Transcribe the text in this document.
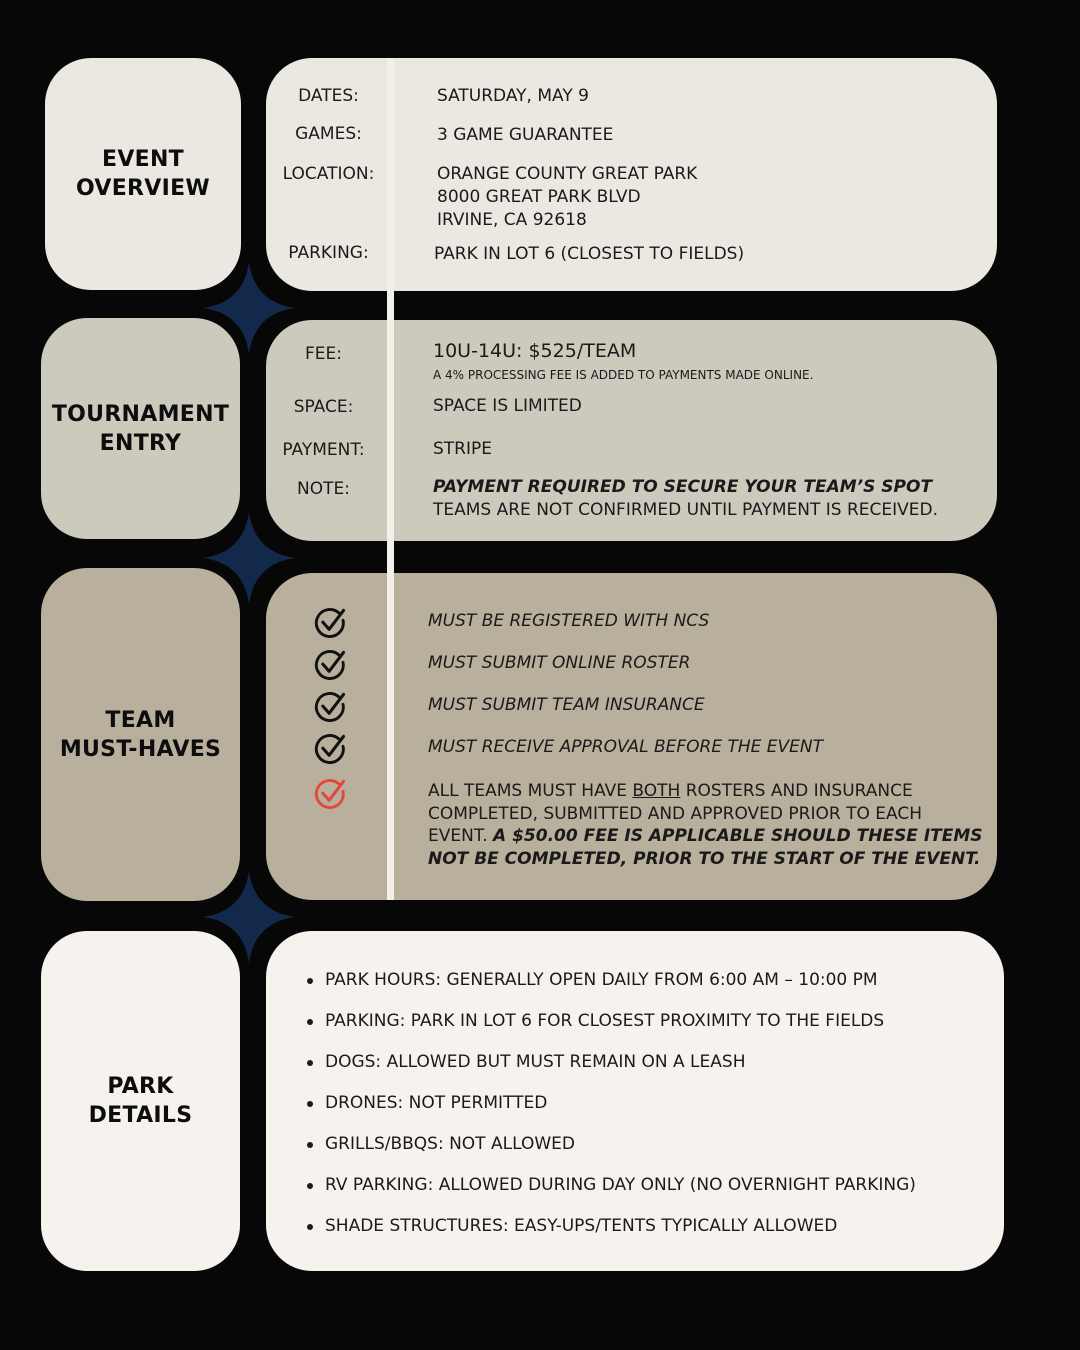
EVENT
OVERVIEW
DATES:	SATURDAY, MAY 9
GAMES:	3 GAME GUARANTEE
LOCATION:	ORANGE COUNTY GREAT PARK
8000 GREAT PARK BLVD
IRVINE, CA 92618
PARKING:	PARK IN LOT 6 (CLOSEST TO FIELDS)
TOURNAMENT
ENTRY
FEE:	10U-14U: $525/TEAM
A 4% PROCESSING FEE IS ADDED TO PAYMENTS MADE ONLINE.
SPACE:	SPACE IS LIMITED
PAYMENT:	STRIPE
NOTE:	PAYMENT REQUIRED TO SECURE YOUR TEAM’S SPOT
TEAMS ARE NOT CONFIRMED UNTIL PAYMENT IS RECEIVED.
TEAM
MUST-HAVES
MUST BE REGISTERED WITH NCS
MUST SUBMIT ONLINE ROSTER
MUST SUBMIT TEAM INSURANCE
MUST RECEIVE APPROVAL BEFORE THE EVENT
ALL TEAMS MUST HAVE BOTH ROSTERS AND INSURANCE
COMPLETED, SUBMITTED AND APPROVED PRIOR TO EACH
EVENT. A $50.00 FEE IS APPLICABLE SHOULD THESE ITEMS
NOT BE COMPLETED, PRIOR TO THE START OF THE EVENT.
PARK
DETAILS
PARK HOURS: GENERALLY OPEN DAILY FROM 6:00 AM – 10:00 PM
PARKING: PARK IN LOT 6 FOR CLOSEST PROXIMITY TO THE FIELDS
DOGS: ALLOWED BUT MUST REMAIN ON A LEASH
DRONES: NOT PERMITTED
GRILLS/BBQS: NOT ALLOWED
RV PARKING: ALLOWED DURING DAY ONLY (NO OVERNIGHT PARKING)
SHADE STRUCTURES: EASY-UPS/TENTS TYPICALLY ALLOWED
